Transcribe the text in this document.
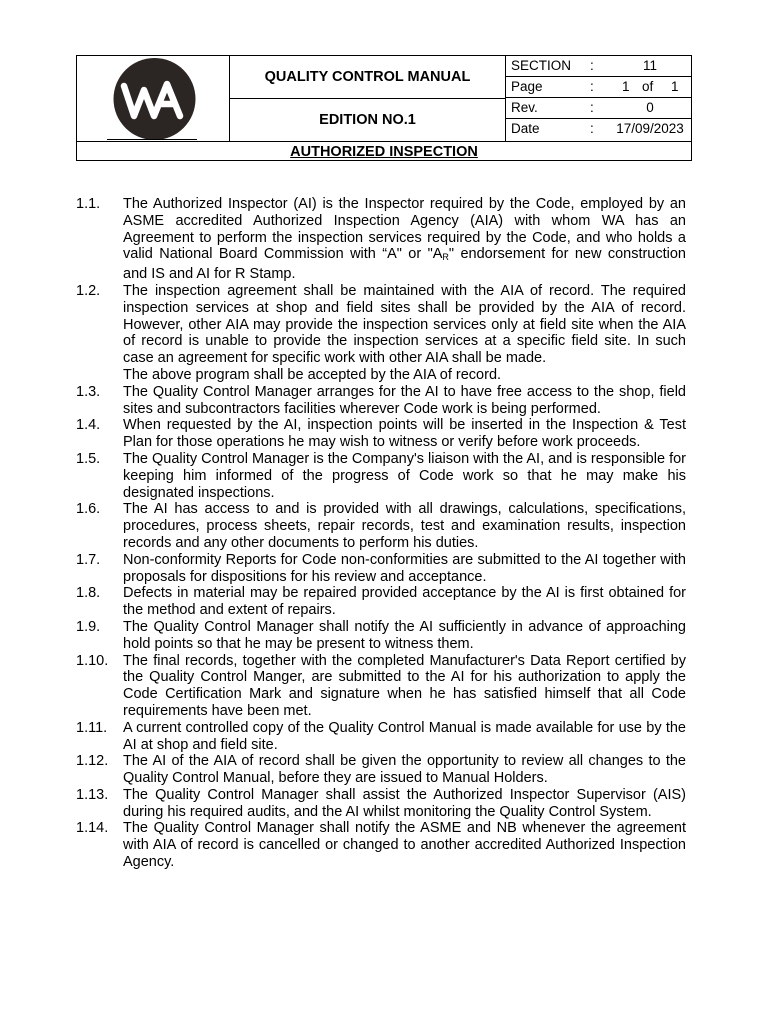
QUALITY CONTROL MANUAL
EDITION NO.1
SECTION :	11
Page	: 1 of 1
Rev.	:	0
Date	: 17/09/2023
AUTHORIZED INSPECTION
1.1.	The Authorized Inspector (AI) is the Inspector required by the Code, employed by an ASME accredited Authorized Inspection Agency (AIA) with whom WA has an Agreement to perform the inspection services required by the Code, and who holds a valid National Board Commission with “A" or "$A_R$" endorsement for new construction and IS and AI for R Stamp.
1.2.	The inspection agreement shall be maintained with the AIA of record. The required inspection services at shop and field sites shall be provided by the AIA of record. However, other AIA may provide the inspection services only at field site when the AIA of record is unable to provide the inspection services at a specific field site. In such case an agreement for specific work with other AIA shall be made.

The above program shall be accepted by the AIA of record.

1.3.	The Quality Control Manager arranges for the AI to have free access to the shop, field sites and subcontractors facilities wherever Code work is being performed.
1.4.	When requested by the AI, inspection points will be inserted in the Inspection & Test Plan for those operations he may wish to witness or verify before work proceeds.
1.5.	The Quality Control Manager is the Company's liaison with the AI, and is responsible for keeping him informed of the progress of Code work so that he may make his designated inspections.
1.6.	The AI has access to and is provided with all drawings, calculations, specifications, procedures, process sheets, repair records, test and examination results, inspection records and any other documents to perform his duties.
1.7.	Non-conformity Reports for Code non-conformities are submitted to the AI together with proposals for dispositions for his review and acceptance.
1.8.	Defects in material may be repaired provided acceptance by the AI is first obtained for the method and extent of repairs.
1.9.	The Quality Control Manager shall notify the AI sufficiently in advance of approaching hold points so that he may be present to witness them.
1.10.	The final records, together with the completed Manufacturer's Data Report certified by the Quality Control Manger, are submitted to the AI for his authorization to apply the Code Certification Mark and signature when he has satisfied himself that all Code requirements have been met.
1.11.	A current controlled copy of the Quality Control Manual is made available for use by the AI at shop and field site.
1.12.	The AI of the AIA of record shall be given the opportunity to review all changes to the Quality Control Manual, before they are issued to Manual Holders.
1.13.	The Quality Control Manager shall assist the Authorized Inspector Supervisor (AIS) during his required audits, and the AI whilst monitoring the Quality Control System.
1.14.	The Quality Control Manager shall notify the ASME and NB whenever the agreement with AIA of record is cancelled or changed to another accredited Authorized Inspection Agency.
